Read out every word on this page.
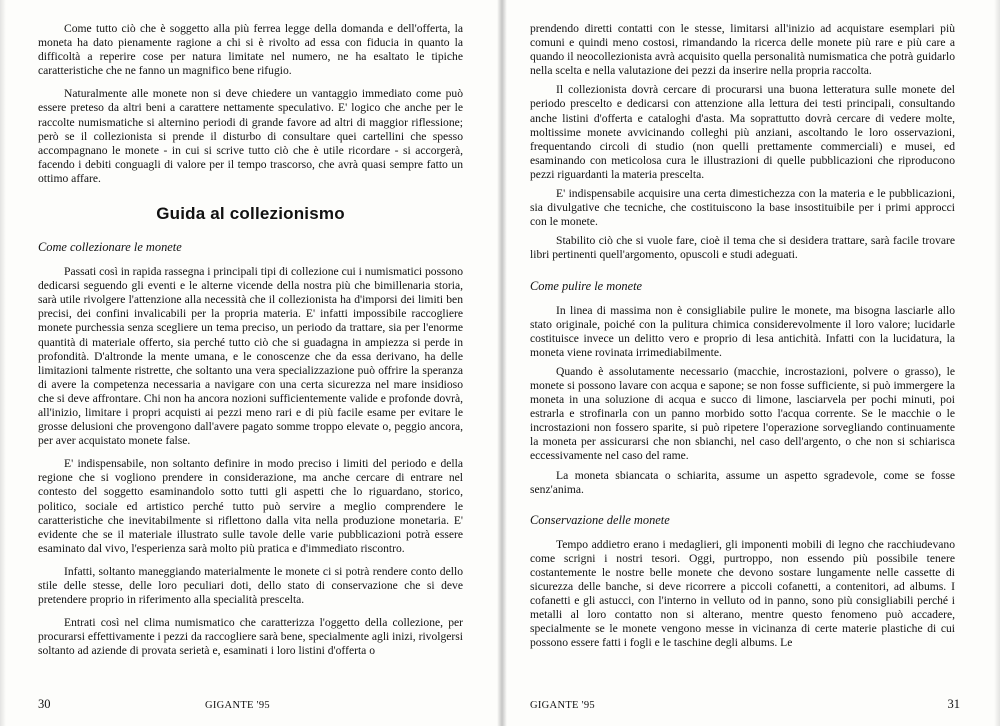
Come tutto ciò che è soggetto alla più ferrea legge della domanda e dell'offerta, la moneta ha dato pienamente ragione a chi si è rivolto ad essa con fiducia in quanto la difficoltà a reperire cose per natura limitate nel numero, ne ha esaltato le tipiche caratteristiche che ne fanno un magnifico bene rifugio.

Naturalmente alle monete non si deve chiedere un vantaggio immediato come può essere preteso da altri beni a carattere nettamente speculativo. E' logico che anche per le raccolte numismatiche si alternino periodi di grande favore ad altri di maggior riflessione; però se il collezionista si prende il disturbo di consultare quei cartellini che spesso accompagnano le monete - in cui si scrive tutto ciò che è utile ricordare - si accorgerà, facendo i debiti conguagli di valore per il tempo trascorso, che avrà quasi sempre fatto un ottimo affare.

Guida al collezionismo
Come collezionare le monete

Passati così in rapida rassegna i principali tipi di collezione cui i numismatici possono dedicarsi seguendo gli eventi e le alterne vicende della nostra più che bimillenaria storia, sarà utile rivolgere l'attenzione alla necessità che il collezionista ha d'imporsi dei limiti ben precisi, dei confini invalicabili per la propria materia. E' infatti impossibile raccogliere monete purchessia senza scegliere un tema preciso, un periodo da trattare, sia per l'enorme quantità di materiale offerto, sia perché tutto ciò che si guadagna in ampiezza si perde in profondità. D'altronde la mente umana, e le conoscenze che da essa derivano, ha delle limitazioni talmente ristrette, che soltanto una vera specializzazione può offrire la speranza di avere la competenza necessaria a navigare con una certa sicurezza nel mare insidioso che si deve affrontare. Chi non ha ancora nozioni sufficientemente valide e profonde dovrà, all'inizio, limitare i propri acquisti ai pezzi meno rari e di più facile esame per evitare le grosse delusioni che provengono dall'avere pagato somme troppo elevate o, peggio ancora, per aver acquistato monete false.

E' indispensabile, non soltanto definire in modo preciso i limiti del periodo e della regione che si vogliono prendere in considerazione, ma anche cercare di entrare nel contesto del soggetto esaminandolo sotto tutti gli aspetti che lo riguardano, storico, politico, sociale ed artistico perché tutto può servire a meglio comprendere le caratteristiche che inevitabilmente si riflettono dalla vita nella produzione monetaria. E' evidente che se il materiale illustrato sulle tavole delle varie pubblicazioni potrà essere esaminato dal vivo, l'esperienza sarà molto più pratica e d'immediato riscontro.

Infatti, soltanto maneggiando materialmente le monete ci si potrà rendere conto dello stile delle stesse, delle loro peculiari doti, dello stato di conservazione che si deve pretendere proprio in riferimento alla specialità prescelta.

Entrati così nel clima numismatico che caratterizza l'oggetto della collezione, per procurarsi effettivamente i pezzi da raccogliere sarà bene, specialmente agli inizi, rivolgersi soltanto ad aziende di provata serietà e, esaminati i loro listini d'offerta o

prendendo diretti contatti con le stesse, limitarsi all'inizio ad acquistare esemplari più comuni e quindi meno costosi, rimandando la ricerca delle monete più rare e più care a quando il neocollezionista avrà acquisito quella personalità numismatica che potrà guidarlo nella scelta e nella valutazione dei pezzi da inserire nella propria raccolta.

Il collezionista dovrà cercare di procurarsi una buona letteratura sulle monete del periodo prescelto e dedicarsi con attenzione alla lettura dei testi principali, consultando anche listini d'offerta e cataloghi d'asta. Ma soprattutto dovrà cercare di vedere molte, moltissime monete avvicinando colleghi più anziani, ascoltando le loro osservazioni, frequentando circoli di studio (non quelli prettamente commerciali) e musei, ed esaminando con meticolosa cura le illustrazioni di quelle pubblicazioni che riproducono pezzi riguardanti la materia prescelta.

E' indispensabile acquisire una certa dimestichezza con la materia e le pubblicazioni, sia divulgative che tecniche, che costituiscono la base insostituibile per i primi approcci con le monete.

Stabilito ciò che si vuole fare, cioè il tema che si desidera trattare, sarà facile trovare libri pertinenti quell'argomento, opuscoli e studi adeguati.

Come pulire le monete

In linea di massima non è consigliabile pulire le monete, ma bisogna lasciarle allo stato originale, poiché con la pulitura chimica considerevolmente il loro valore; lucidarle costituisce invece un delitto vero e proprio di lesa antichità. Infatti con la lucidatura, la moneta viene rovinata irrimediabilmente.

Quando è assolutamente necessario (macchie, incrostazioni, polvere o grasso), le monete si possono lavare con acqua e sapone; se non fosse sufficiente, si può immergere la moneta in una soluzione di acqua e succo di limone, lasciarvela per pochi minuti, poi estrarla e strofinarla con un panno morbido sotto l'acqua corrente. Se le macchie o le incrostazioni non fossero sparite, si può ripetere l'operazione sorvegliando continuamente la moneta per assicurarsi che non sbianchi, nel caso dell'argento, o che non si schiarisca eccessivamente nel caso del rame.

La moneta sbiancata o schiarita, assume un aspetto sgradevole, come se fosse senz'anima.

Conservazione delle monete

Tempo addietro erano i medaglieri, gli imponenti mobili di legno che racchiudevano come scrigni i nostri tesori. Oggi, purtroppo, non essendo più possibile tenere costantemente le nostre belle monete che devono sostare lungamente nelle cassette di sicurezza delle banche, si deve ricorrere a piccoli cofanetti, a contenitori, ad albums. I cofanetti e gli astucci, con l'interno in velluto od in panno, sono più consigliabili perché i metalli al loro contatto non si alterano, mentre questo fenomeno può accadere, specialmente se le monete vengono messe in vicinanza di certe materie plastiche di cui possono essere fatti i fogli e le taschine degli albums. Le

30	GIGANTE '95	GIGANTE '95	31
